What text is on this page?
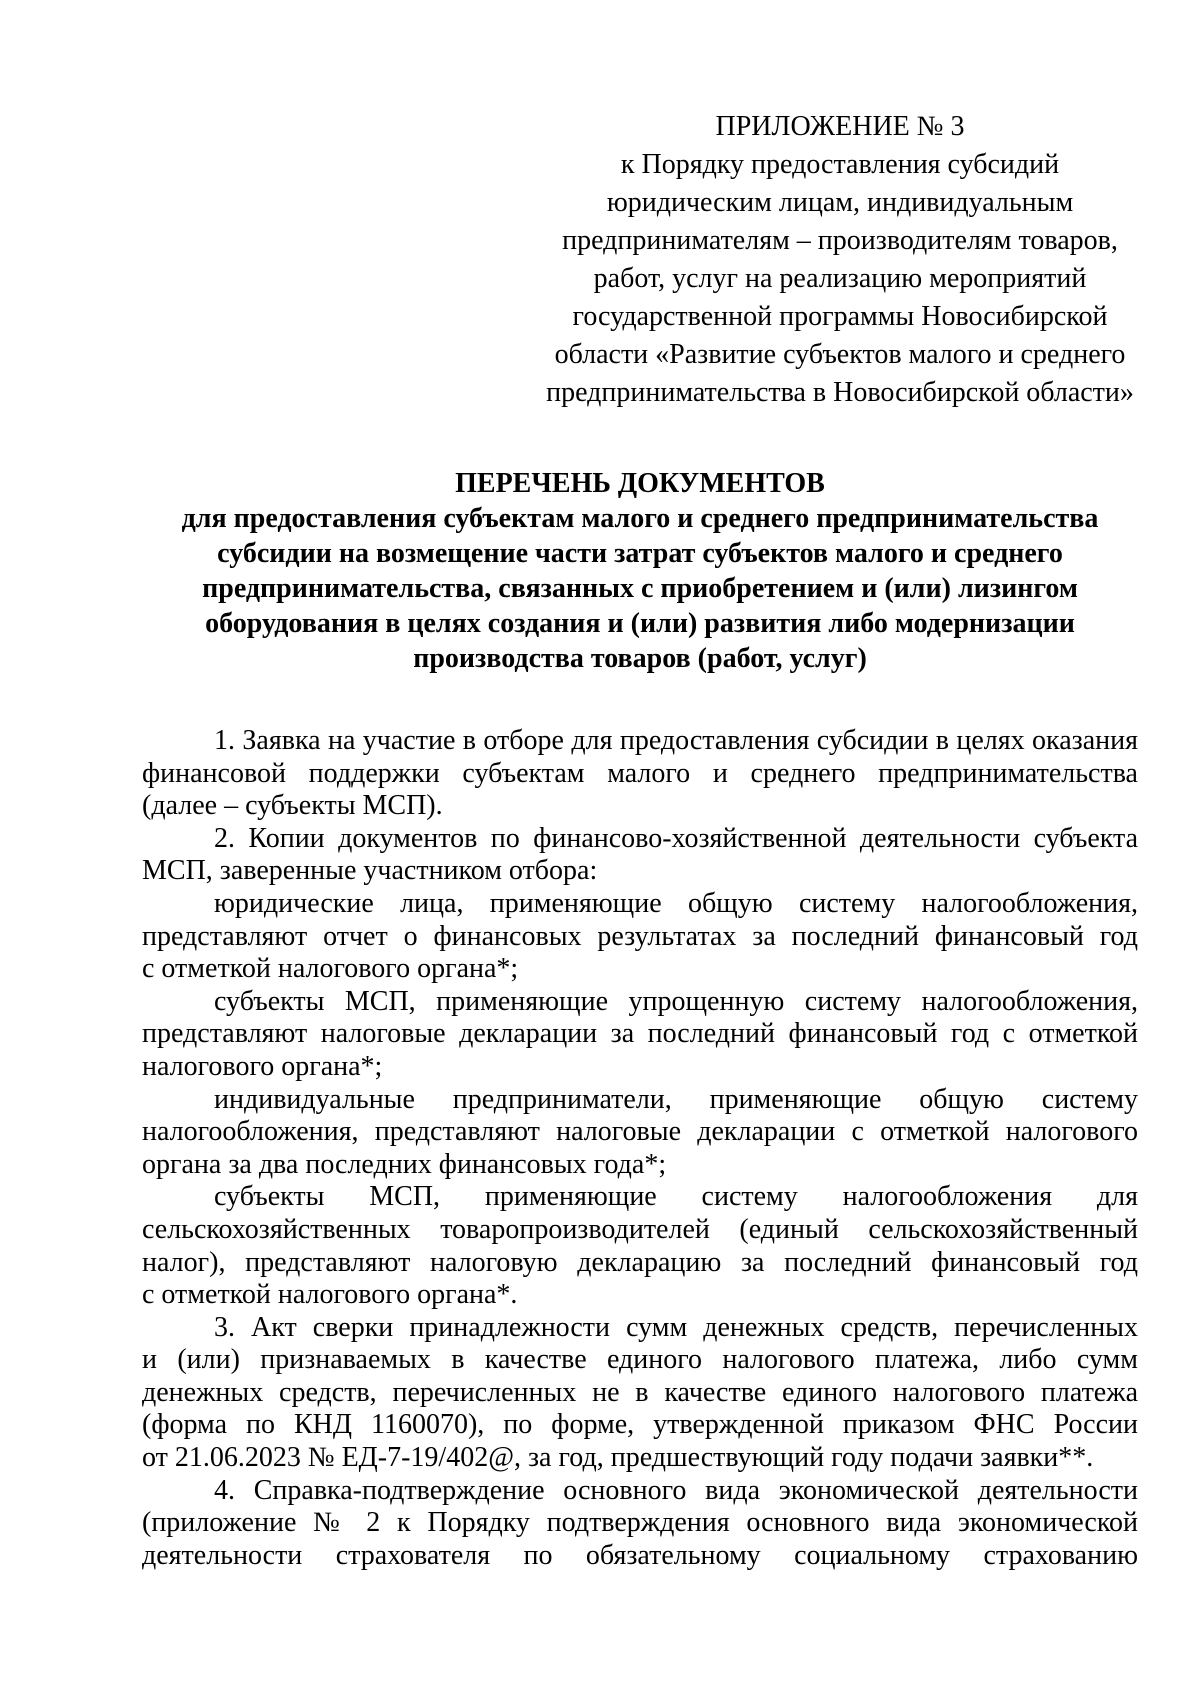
ПРИЛОЖЕНИЕ № 3
к Порядку предоставления субсидий
юридическим лицам, индивидуальным
предпринимателям – производителям товаров,
работ, услуг на реализацию мероприятий
государственной программы Новосибирской
области «Развитие субъектов малого и среднего
предпринимательства в Новосибирской области»
ПЕРЕЧЕНЬ ДОКУМЕНТОВ
для предоставления субъектам малого и среднего предпринимательства
субсидии на возмещение части затрат субъектов малого и среднего
предпринимательства, связанных с приобретением и (или) лизингом
оборудования в целях создания и (или) развития либо модернизации
производства товаров (работ, услуг)
1. Заявка на участие в отборе для предоставления субсидии в целях оказания
финансовой поддержки субъектам малого и среднего предпринимательства
(далее – субъекты МСП).
2. Копии документов по финансово-хозяйственной деятельности субъекта
МСП, заверенные участником отбора:
юридические лица, применяющие общую систему налогообложения,
представляют отчет о финансовых результатах за последний финансовый год
с отметкой налогового органа*;
субъекты МСП, применяющие упрощенную систему налогообложения,
представляют налоговые декларации за последний финансовый год с отметкой
налогового органа*;
индивидуальные предприниматели, применяющие общую систему
налогообложения, представляют налоговые декларации с отметкой налогового
органа за два последних финансовых года*;
субъекты МСП, применяющие систему налогообложения для
сельскохозяйственных товаропроизводителей (единый сельскохозяйственный
налог), представляют налоговую декларацию за последний финансовый год
с отметкой налогового органа*.
3. Акт сверки принадлежности сумм денежных средств, перечисленных
и (или) признаваемых в качестве единого налогового платежа, либо сумм
денежных средств, перечисленных не в качестве единого налогового платежа
(форма по КНД 1160070), по форме, утвержденной приказом ФНС России
от 21.06.2023 № ЕД-7-19/402@, за год, предшествующий году подачи заявки**.
4. Справка-подтверждение основного вида экономической деятельности
(приложение № 2 к Порядку подтверждения основного вида экономической
деятельности страхователя по обязательному социальному страхованию
